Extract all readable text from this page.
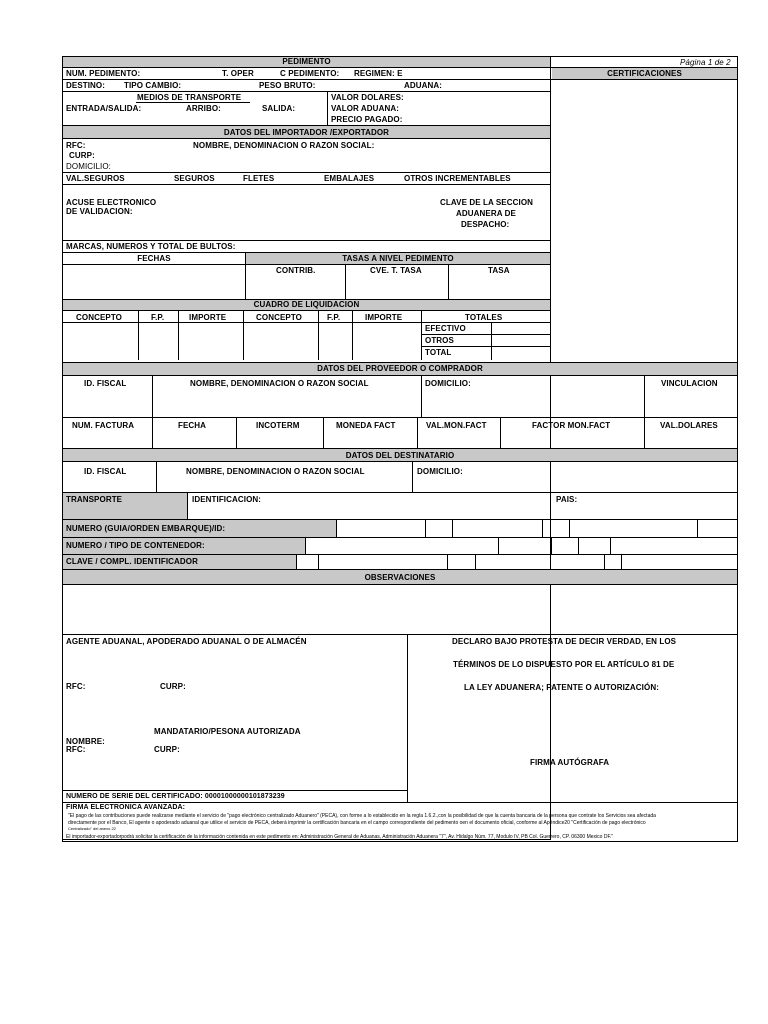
PEDIMENTO	Página 1 de 2
CERTIFICACIONES
NUM. PEDIMENTO:	T. OPER	C PEDIMENTO: REGIMEN: E
DESTINO: TIPO CAMBIO:	PESO BRUTO:	ADUANA:
MEDIOS DE TRANSPORTE
ENTRADA/SALIDA:	ARRIBO:	SALIDA:
VALOR DOLARES:
VALOR ADUANA:
PRECIO PAGADO:
DATOS DEL IMPORTADOR /EXPORTADOR
RFC:	NOMBRE, DENOMINACION O RAZON SOCIAL:
CURP:
DOMICILIO:
VAL.SEGUROS	SEGUROS	FLETES	EMBALAJES	OTROS INCREMENTABLES
ACUSE ELECTRONICO
DE VALIDACION:
CLAVE DE LA SECCION
ADUANERA DE
DESPACHO:
MARCAS, NUMEROS Y TOTAL DE BULTOS:
FECHAS	TASAS A NIVEL PEDIMENTO
CONTRIB.	CVE. T. TASA	TASA
CUADRO DE LIQUIDACION
CONCEPTO	F.P.	IMPORTE	CONCEPTO	F.P.	IMPORTE	TOTALES
EFECTIVO
OTROS
TOTAL
DATOS DEL PROVEEDOR O COMPRADOR
ID. FISCAL	NOMBRE, DENOMINACION O RAZON SOCIAL	DOMICILIO:	VINCULACION
NUM. FACTURA	FECHA	INCOTERM	MONEDA FACT	VAL.MON.FACT	FACTOR MON.FACT	VAL.DOLARES
DATOS DEL DESTINATARIO
ID. FISCAL	NOMBRE, DENOMINACION O RAZON SOCIAL	DOMICILIO:
TRANSPORTE	IDENTIFICACION:	PAIS:
NUMERO (GUIA/ORDEN EMBARQUE)/ID:
NUMERO / TIPO DE CONTENEDOR:
CLAVE / COMPL. IDENTIFICADOR
OBSERVACIONES
AGENTE ADUANAL, APODERADO ADUANAL O DE ALMACÉN
RFC:	CURP:
MANDATARIO/PESONA AUTORIZADA
NOMBRE:
RFC:	CURP:
NUMERO DE SERIE DEL CERTIFICADO: 00001000000101873239
FIRMA ELECTRONICA AVANZADA:
DECLARO BAJO PROTESTA DE DECIR VERDAD, EN LOS
TÉRMINOS DE LO DISPUESTO POR EL ARTÍCULO 81 DE
LA LEY ADUANERA; PATENTE O AUTORIZACIÓN:
FIRMA AUTÓGRAFA
"El pago de las contribuciones puede realizarse mediante el servicio de "pago electrónico centralizado Aduanero" (PECA), con forme a lo establecido en la regla 1.6.2.,con la posibilidad de que la cuenta bancaria de la persona que contrate los Servicios sea afectada
directamente por el Banco, El agente o apoderado aduanal que utilice el servicio de PECA, deberá imprimir la certificación bancaria en el campo correspondiente del pedimento oen el documento oficial, conforme al Apéndice20 "Certificación de pago electrónico
Centralizado" del anexo 22
El importador-exportadorpodrá solicitar la certificación de la información contenida en este pedimento en: Administración General de Aduanas, Administración Aduanera "7", Av. Hidalgo Núm. 77, Modulo IV, PB Col. Guerrero, CP. 06300 Mexico DF."
